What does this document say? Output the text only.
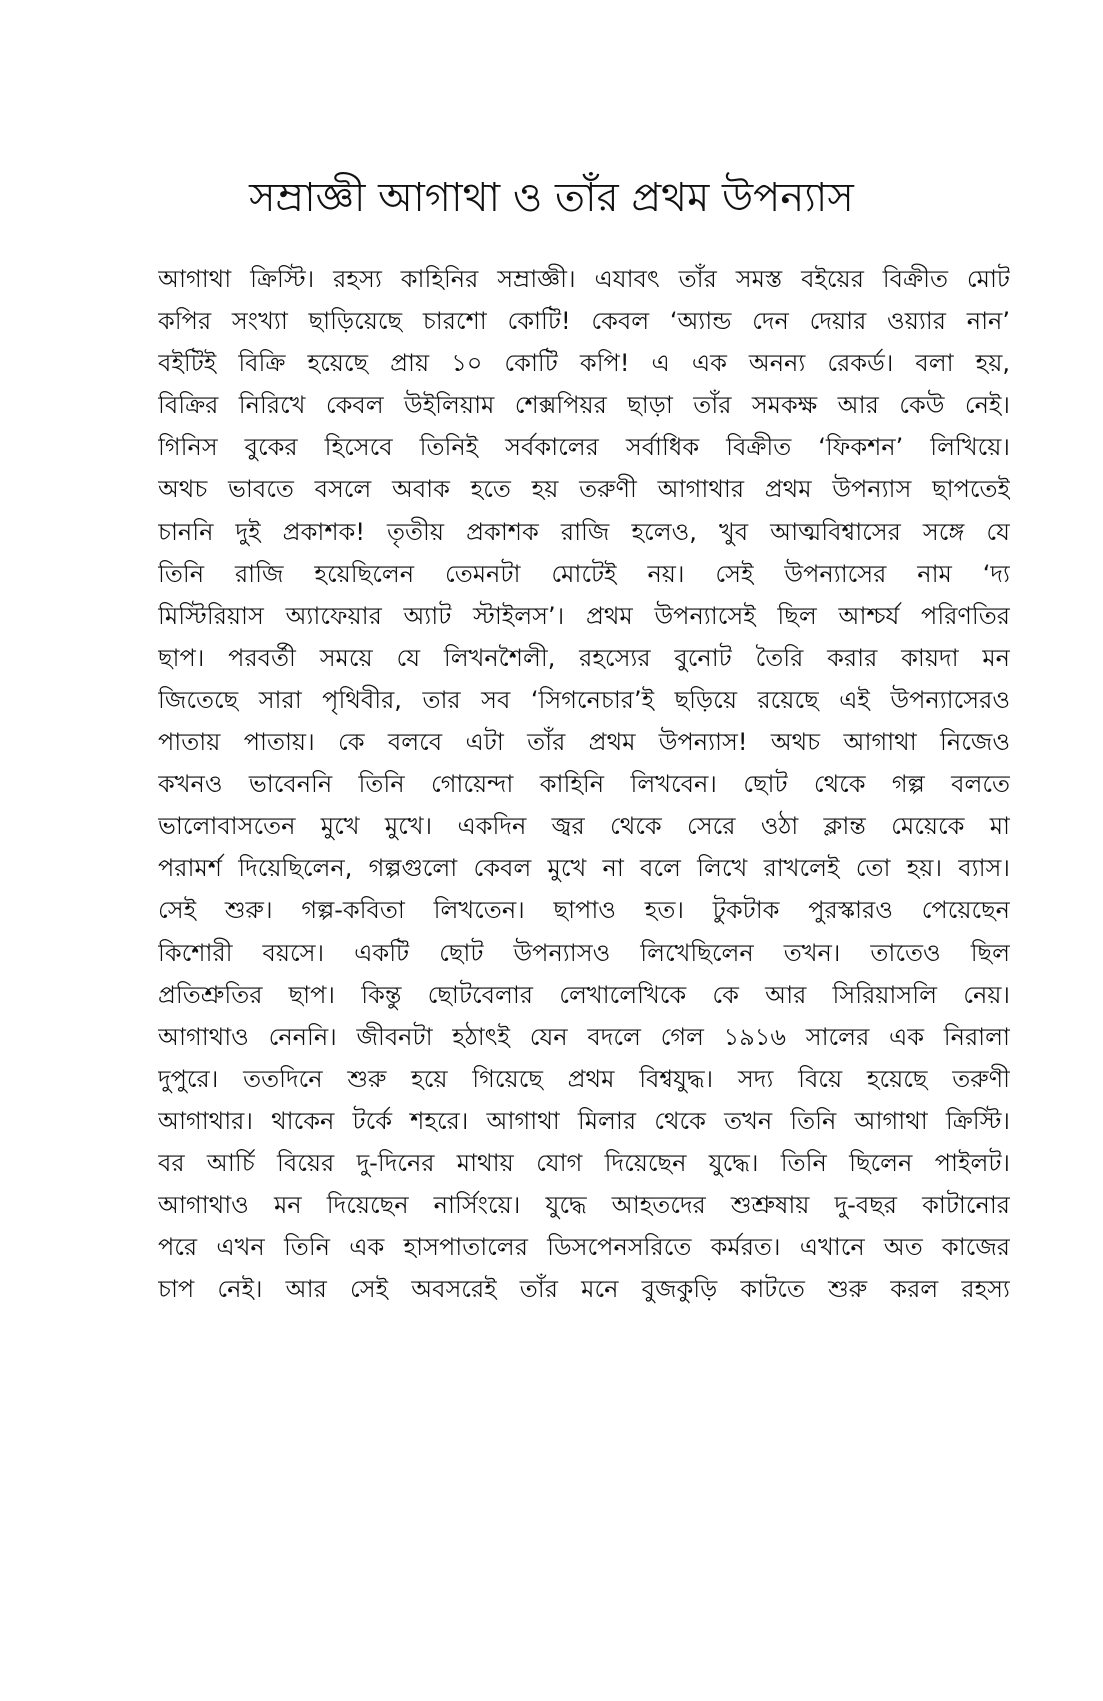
সম্রাজ্ঞী আগাথা ও তাঁর প্রথম উপন্যাস
আগাথা ক্রিস্টি। রহস্য কাহিনির সম্রাজ্ঞী। এযাবৎ তাঁর সমস্ত বইয়ের বিক্রীত মোট
কপির সংখ্যা ছাড়িয়েছে চারশো কোটি! কেবল ‘অ্যান্ড দেন দেয়ার ওয়্যার নান’
বইটিই বিক্রি হয়েছে প্রায় ১০ কোটি কপি! এ এক অনন্য রেকর্ড। বলা হয়,
বিক্রির নিরিখে কেবল উইলিয়াম শেক্সপিয়র ছাড়া তাঁর সমকক্ষ আর কেউ নেই।
গিনিস বুকের হিসেবে তিনিই সর্বকালের সর্বাধিক বিক্রীত ‘ফিকশন’ লিখিয়ে।
অথচ ভাবতে বসলে অবাক হতে হয় তরুণী আগাথার প্রথম উপন্যাস ছাপতেই
চাননি দুই প্রকাশক! তৃতীয় প্রকাশক রাজি হলেও, খুব আত্মবিশ্বাসের সঙ্গে যে
তিনি রাজি হয়েছিলেন তেমনটা মোটেই নয়। সেই উপন্যাসের নাম ‘দ্য
মিস্টিরিয়াস অ্যাফেয়ার অ্যাট স্টাইলস’। প্রথম উপন্যাসেই ছিল আশ্চর্য পরিণতির
ছাপ। পরবর্তী সময়ে যে লিখনশৈলী, রহস্যের বুনোট তৈরি করার কায়দা মন
জিতেছে সারা পৃথিবীর, তার সব ‘সিগনেচার’ই ছড়িয়ে রয়েছে এই উপন্যাসেরও
পাতায় পাতায়। কে বলবে এটা তাঁর প্রথম উপন্যাস! অথচ আগাথা নিজেও
কখনও ভাবেননি তিনি গোয়েন্দা কাহিনি লিখবেন। ছোট থেকে গল্প বলতে
ভালোবাসতেন মুখে মুখে। একদিন জ্বর থেকে সেরে ওঠা ক্লান্ত মেয়েকে মা
পরামর্শ দিয়েছিলেন, গল্পগুলো কেবল মুখে না বলে লিখে রাখলেই তো হয়। ব্যাস।
সেই শুরু। গল্প-কবিতা লিখতেন। ছাপাও হত। টুকটাক পুরস্কারও পেয়েছেন
কিশোরী বয়সে। একটি ছোট উপন্যাসও লিখেছিলেন তখন। তাতেও ছিল
প্রতিশ্রুতির ছাপ। কিন্তু ছোটবেলার লেখালেখিকে কে আর সিরিয়াসলি নেয়।
আগাথাও নেননি। জীবনটা হঠাৎই যেন বদলে গেল ১৯১৬ সালের এক নিরালা
দুপুরে। ততদিনে শুরু হয়ে গিয়েছে প্রথম বিশ্বযুদ্ধ। সদ্য বিয়ে হয়েছে তরুণী
আগাথার। থাকেন টর্কে শহরে। আগাথা মিলার থেকে তখন তিনি আগাথা ক্রিস্টি।
বর আর্চি বিয়ের দু-দিনের মাথায় যোগ দিয়েছেন যুদ্ধে। তিনি ছিলেন পাইলট।
আগাথাও মন দিয়েছেন নার্সিংয়ে। যুদ্ধে আহতদের শুশ্রুষায় দু-বছর কাটানোর
পরে এখন তিনি এক হাসপাতালের ডিসপেনসরিতে কর্মরত। এখানে অত কাজের
চাপ নেই। আর সেই অবসরেই তাঁর মনে বুজকুড়ি কাটতে শুরু করল রহস্য
